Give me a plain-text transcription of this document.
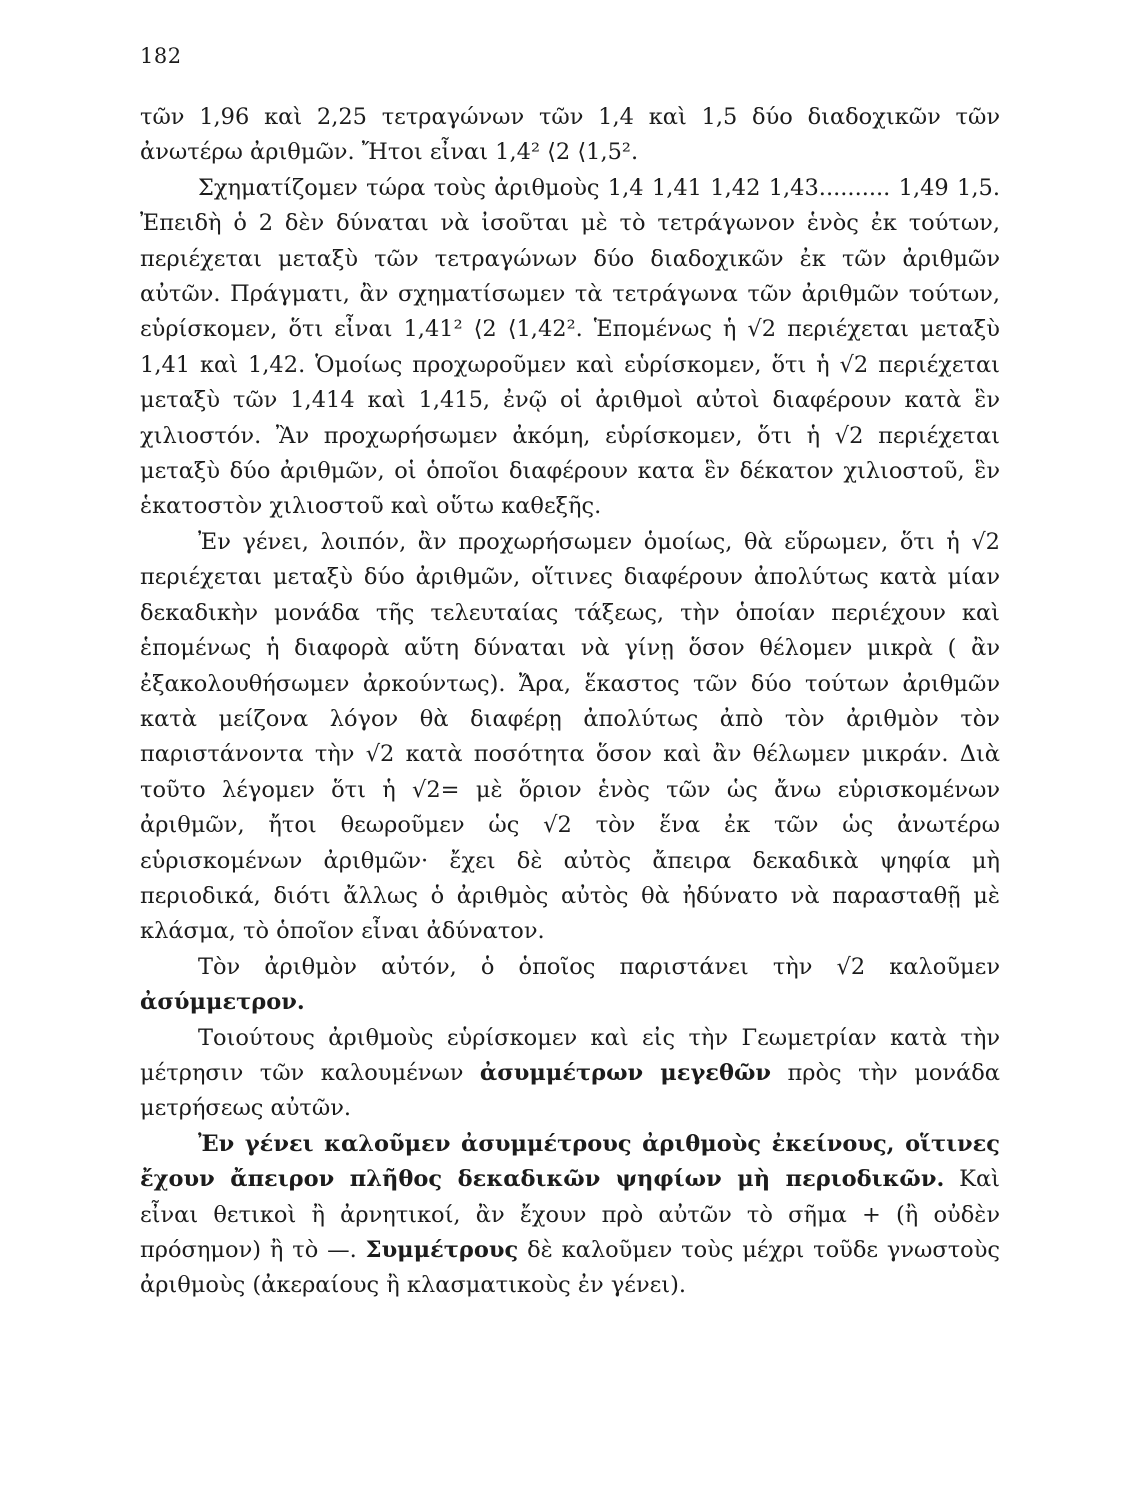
182

τῶν 1,96 καὶ 2,25 τετραγώνων τῶν 1,4 καὶ 1,5 δύο διαδοχικῶν τῶν ἀνωτέρω ἀριθμῶν. Ἤτοι εἶναι 1,4² ⟨2 ⟨1,5².

Σχηματίζομεν τώρα τοὺς ἀριθμοὺς 1,4 1,41 1,42 1,43.......... 1,49 1,5. Ἐπειδὴ ὁ 2 δὲν δύναται νὰ ἰσοῦται μὲ τὸ τετράγωνον ἑνὸς ἐκ τούτων, περιέχεται μεταξὺ τῶν τετραγώνων δύο διαδοχικῶν ἐκ τῶν ἀριθμῶν αὐτῶν. Πράγματι, ἂν σχηματίσωμεν τὰ τετράγωνα τῶν ἀριθμῶν τούτων, εὑρίσκομεν, ὅτι εἶναι 1,41² ⟨2 ⟨1,42². Ἑπομένως ἡ √2 περιέχεται μεταξὺ 1,41 καὶ 1,42. Ὁμοίως προχωροῦμεν καὶ εὑρίσκομεν, ὅτι ἡ √2 περιέχεται μεταξὺ τῶν 1,414 καὶ 1,415, ἐνῷ οἱ ἀριθμοὶ αὐτοὶ διαφέρουν κατὰ ἓν χιλιοστόν. Ἂν προχωρήσωμεν ἀκόμη, εὑρίσκομεν, ὅτι ἡ √2 περιέχεται μεταξὺ δύο ἀριθμῶν, οἱ ὁποῖοι διαφέρουν κατα ἓν δέκατον χιλιοστοῦ, ἓν ἑκατοστὸν χιλιοστοῦ καὶ οὕτω καθεξῆς.

Ἐν γένει, λοιπόν, ἂν προχωρήσωμεν ὁμοίως, θὰ εὕρωμεν, ὅτι ἡ √2 περιέχεται μεταξὺ δύο ἀριθμῶν, οἵτινες διαφέρουν ἀπολύτως κατὰ μίαν δεκαδικὴν μονάδα τῆς τελευταίας τάξεως, τὴν ὁποίαν περιέχουν καὶ ἑπομένως ἡ διαφορὰ αὕτη δύναται νὰ γίνῃ ὅσον θέλομεν μικρὰ ( ἂν ἐξακολουθήσωμεν ἀρκούντως). Ἄρα, ἕκαστος τῶν δύο τούτων ἀριθμῶν κατὰ μείζονα λόγον θὰ διαφέρῃ ἀπολύτως ἀπὸ τὸν ἀριθμὸν τὸν παριστάνοντα τὴν √2 κατὰ ποσότητα ὅσον καὶ ἂν θέλωμεν μικράν. Διὰ τοῦτο λέγομεν ὅτι ἡ √2= μὲ ὅριον ἑνὸς τῶν ὡς ἄνω εὑρισκομένων ἀριθμῶν, ἤτοι θεωροῦμεν ὡς √2 τὸν ἕνα ἐκ τῶν ὡς ἀνωτέρω εὑρισκομένων ἀριθμῶν· ἔχει δὲ αὐτὸς ἄπειρα δεκαδικὰ ψηφία μὴ περιοδικά, διότι ἄλλως ὁ ἀριθμὸς αὐτὸς θὰ ἠδύνατο νὰ παρασταθῇ μὲ κλάσμα, τὸ ὁποῖον εἶναι ἀδύνατον.

Τὸν ἀριθμὸν αὐτόν, ὁ ὁποῖος παριστάνει τὴν √2 καλοῦμεν ἀσύμμετρον.

Τοιούτους ἀριθμοὺς εὑρίσκομεν καὶ εἰς τὴν Γεωμετρίαν κατὰ τὴν μέτρησιν τῶν καλουμένων ἀσυμμέτρων μεγεθῶν πρὸς τὴν μονάδα μετρήσεως αὐτῶν.

Ἐν γένει καλοῦμεν ἀσυμμέτρους ἀριθμοὺς ἐκείνους, οἵτινες ἔχουν ἄπειρον πλῆθος δεκαδικῶν ψηφίων μὴ περιοδικῶν. Καὶ εἶναι θετικοὶ ἢ ἀρνητικοί, ἂν ἔχουν πρὸ αὐτῶν τὸ σῆμα + (ἢ οὐδὲν πρόσημον) ἢ τὸ —. Συμμέτρους δὲ καλοῦμεν τοὺς μέχρι τοῦδε γνωστοὺς ἀριθμοὺς (ἀκεραίους ἢ κλασματικοὺς ἐν γένει).
